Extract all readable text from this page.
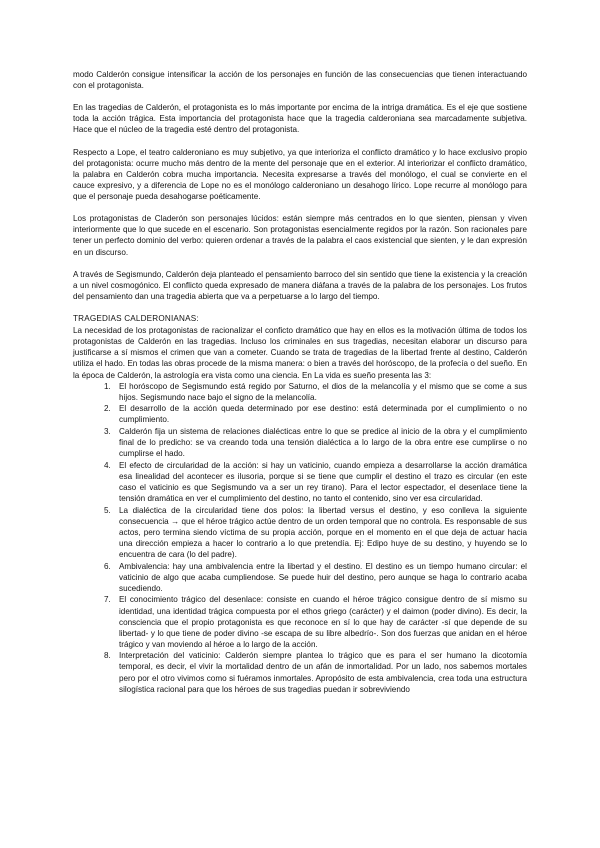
modo Calderón consigue intensificar la acción de los personajes en función de las consecuencias que tienen interactuando con el protagonista.

En las tragedias de Calderón, el protagonista es lo más importante por encima de la intriga dramática. Es el eje que sostiene toda la acción trágica. Esta importancia del protagonista hace que la tragedia calderoniana sea marcadamente subjetiva. Hace que el núcleo de la tragedia esté dentro del protagonista.

Respecto a Lope, el teatro calderoniano es muy subjetivo, ya que interioriza el conflicto dramático y lo hace exclusivo propio del protagonista: ocurre mucho más dentro de la mente del personaje que en el exterior. Al interiorizar el conflicto dramático, la palabra en Calderón cobra mucha importancia. Necesita expresarse a través del monólogo, el cual se convierte en el cauce expresivo, y a diferencia de Lope no es el monólogo calderoniano un desahogo lírico. Lope recurre al monólogo para que el personaje pueda desahogarse poéticamente.

Los protagonistas de Claderón son personajes lúcidos: están siempre más centrados en lo que sienten, piensan y viven interiormente que lo que sucede en el escenario. Son protagonistas esencialmente regidos por la razón. Son racionales pare tener un perfecto dominio del verbo: quieren ordenar a través de la palabra el caos existencial que sienten, y le dan expresión en un discurso.

A través de Segismundo, Calderón deja planteado el pensamiento barroco del sin sentido que tiene la existencia y la creación a un nivel cosmogónico. El conflicto queda expresado de manera diáfana a través de la palabra de los personajes. Los frutos del pensamiento dan una tragedia abierta que va a perpetuarse a lo largo del tiempo.

TRAGEDIAS CALDERONIANAS:

La necesidad de los protagonistas de racionalizar el conficto dramático que hay en ellos es la motivación última de todos los protagonistas de Calderón en las tragedias. Incluso los criminales en sus tragedias, necesitan elaborar un discurso para justificarse a sí mismos el crimen que van a cometer. Cuando se trata de tragedias de la libertad frente al destino, Calderón utiliza el hado. En todas las obras procede de la misma manera: o bien a través del horóscopo, de la profecía o del sueño. En la época de Calderón, la astrología era vista como una ciencia. En La vida es sueño presenta las 3:

1. El horóscopo de Segismundo está regido por Saturno, el dios de la melancolía y el mismo que se come a sus hijos. Segismundo nace bajo el signo de la melancolía.
2. El desarrollo de la acción queda determinado por ese destino: está determinada por el cumplimiento o no cumplimiento.
3. Calderón fija un sistema de relaciones dialécticas entre lo que se predice al inicio de la obra y el cumplimiento final de lo predicho: se va creando toda una tensión dialéctica a lo largo de la obra entre ese cumplirse o no cumplirse el hado.
4. El efecto de circularidad de la acción: si hay un vaticinio, cuando empieza a desarrollarse la acción dramática esa linealidad del acontecer es ilusoria, porque si se tiene que cumplir el destino el trazo es circular (en este caso el vaticinio es que Segismundo va a ser un rey tirano). Para el lector espectador, el desenlace tiene la tensión dramática en ver el cumplimiento del destino, no tanto el contenido, sino ver esa circularidad.
5. La dialéctica de la circularidad tiene dos polos: la libertad versus el destino, y eso conlleva la siguiente consecuencia → que el héroe trágico actúe dentro de un orden temporal que no controla. Es responsable de sus actos, pero termina siendo víctima de su propia acción, porque en el momento en el que deja de actuar hacia una dirección empieza a hacer lo contrario a lo que pretendía. Ej: Edipo huye de su destino, y huyendo se lo encuentra de cara (lo del padre).
6. Ambivalencia: hay una ambivalencia entre la libertad y el destino. El destino es un tiempo humano circular: el vaticinio de algo que acaba cumpliendose. Se puede huir del destino, pero aunque se haga lo contrario acaba sucediendo.
7. El conocimiento trágico del desenlace: consiste en cuando el héroe trágico consigue dentro de sí mismo su identidad, una identidad trágica compuesta por el ethos griego (carácter) y el daimon (poder divino). Es decir, la consciencia que el propio protagonista es que reconoce en sí lo que hay de carácter -sí que depende de su libertad- y lo que tiene de poder divino -se escapa de su libre albedrío-. Son dos fuerzas que anidan en el héroe trágico y van moviendo al héroe a lo largo de la acción.
8. Interpretación del vaticinio: Calderón siempre plantea lo trágico que es para el ser humano la dicotomía temporal, es decir, el vivir la mortalidad dentro de un afán de inmortalidad. Por un lado, nos sabemos mortales pero por el otro vivimos como si fuéramos inmortales. Apropósito de esta ambivalencia, crea toda una estructura silogística racional para que los héroes de sus tragedias puedan ir sobreviviendo
